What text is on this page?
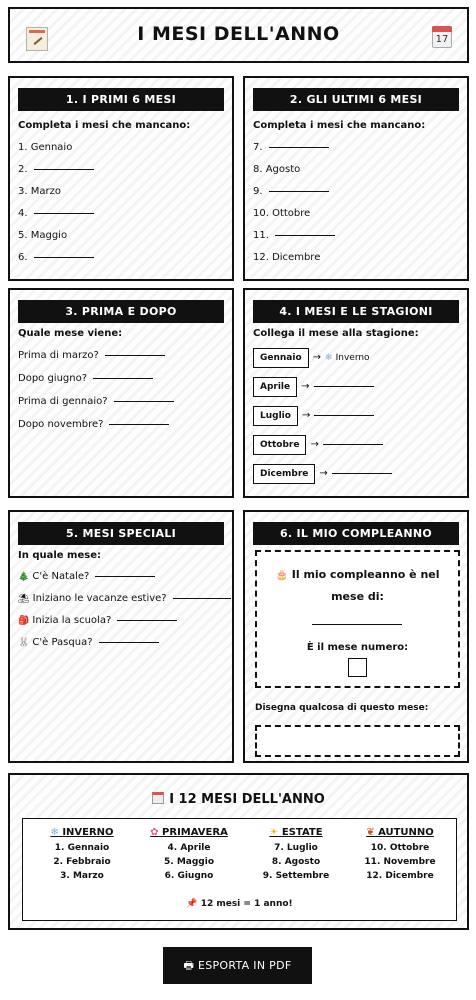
I MESI DELL'ANNO	17
1. I PRIMI 6 MESI
Completa i mesi che mancano:
1. Gennaio
2.
3. Marzo
4.
5. Maggio
6.
2. GLI ULTIMI 6 MESI
Completa i mesi che mancano:
7.
8. Agosto
9.
10. Ottobre
11.
12. Dicembre
3. PRIMA E DOPO
Quale mese viene:
Prima di marzo?
Dopo giugno?
Prima di gennaio?
Dopo novembre?
4. I MESI E LE STAGIONI
Collega il mese alla stagione:
Gennaio → ❄ Inverno
Aprile →
Luglio →
Ottobre →
Dicembre →
5. MESI SPECIALI
In quale mese:
🎄 C'è Natale?
⛱ Iniziano le vacanze estive?
🎒 Inizia la scuola?
🐰 C'è Pasqua?
6. IL MIO COMPLEANNO
🎂 Il mio compleanno è nel mese di:
È il mese numero:
Disegna qualcosa di questo mese:
I 12 MESI DELL'ANNO
❄ INVERNO
1. Gennaio
2. Febbraio
3. Marzo
✿ PRIMAVERA
4. Aprile
5. Maggio
6. Giugno
☀ ESTATE
7. Luglio
8. Agosto
9. Settembre
❦ AUTUNNO
10. Ottobre
11. Novembre
12. Dicembre
📌 12 mesi = 1 anno!
🖶 ESPORTA IN PDF
